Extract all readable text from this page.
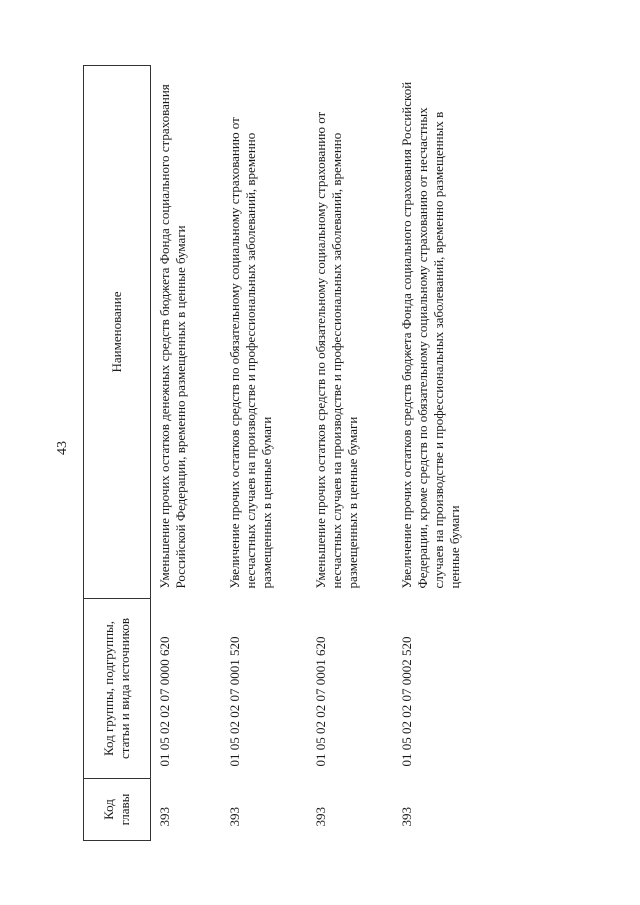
43
Код главы	Код группы, подгруппы, статьи и вида источников	Наименование
393	01 05 02 02 07 0000 620	Уменьшение прочих остатков денежных средств бюджета Фонда социального страхования Российской Федерации, временно размещенных в ценные бумаги
393	01 05 02 02 07 0001 520	Увеличение прочих остатков средств по обязательному социальному страхованию от несчастных случаев на производстве и профессиональных заболеваний, временно размещенных в ценные бумаги
393	01 05 02 02 07 0001 620	Уменьшение прочих остатков средств по обязательному социальному страхованию от несчастных случаев на производстве и профессиональных заболеваний, временно размещенных в ценные бумаги
393	01 05 02 02 07 0002 520	Увеличение прочих остатков средств бюджета Фонда социального страхования Российской Федерации, кроме средств по обязательному социальному страхованию от несчастных случаев на производстве и профессиональных заболеваний, временно размещенных в ценные бумаги
